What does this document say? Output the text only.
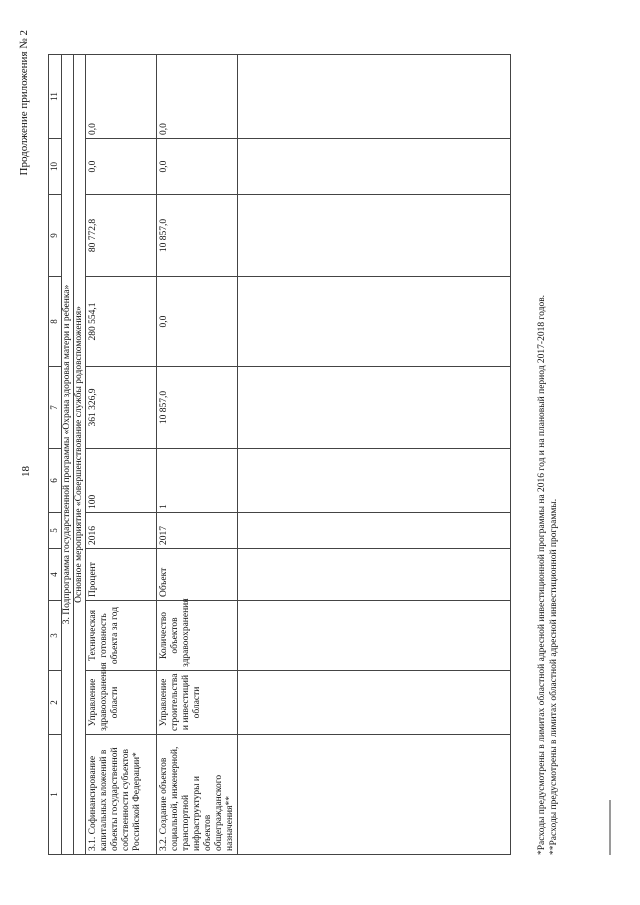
18
Продолжение приложения № 2
1	2	3	4	5	6	7	8	9	10	11
3. Подпрограмма государственной программы «Охрана здоровья матери и ребенка»										
Основное мероприятие «Совершенствование службы родовспоможения»										
3.1. Софинансирование капитальных вложений в объекты государственной собственности субъектов Российской Федерации*	Управление здравоохранения области	Техническая готовность объекта за год	Процент	2016	100	361 326,9	280 554,1	80 772,8	0,0	0,0
3.2. Создание объектов социальной, инженерной, транспортной инфраструктуры и объектов общегражданского назначения**	Управление строительства и инвестиций области	Количество объектов здравоохранения	Объект	2017	1	10 857,0	0,0	10 857,0	0,0	0,0

*Расходы предусмотрены в лимитах областной адресной инвестиционной программы на 2016 год и на плановый период 2017-2018 годов. **Расходы предусмотрены в лимитах областной адресной инвестиционной программы.
